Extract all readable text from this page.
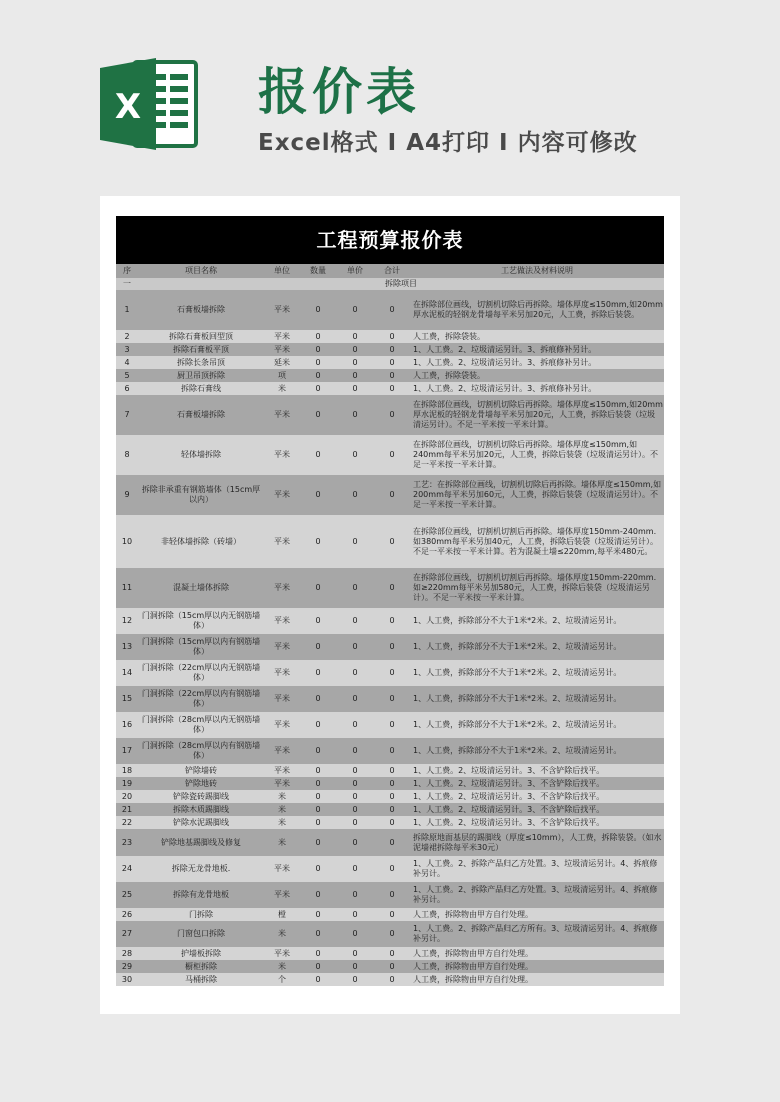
X 报价表
Excel格式 I A4打印 I 内容可修改
工程预算报价表
序	项目名称	单位	数量	单价	合计	工艺做法及材料说明
一	拆除项目					
1	石膏板墙拆除	平米	0	0	0	在拆除部位画线，切割机切除后再拆除。墙体厚度≤150mm,如20mm厚水泥板的轻钢龙骨墙每平米另加20元，人工费，拆除后装袋。
2	拆除石膏板回型顶	平米	0	0	0	人工费，拆除袋装。
3	拆除石膏板平顶	平米	0	0	0	1、人工费。2、垃圾清运另计。3、拆痕修补另计。
4	拆除长条吊顶	延米	0	0	0	1、人工费。2、垃圾清运另计。3、拆痕修补另计。
5	厨卫吊顶拆除	项	0	0	0	人工费，拆除袋装。
6	拆除石膏线	米	0	0	0	1、人工费。2、垃圾清运另计。3、拆痕修补另计。
7	石膏板墙拆除	平米	0	0	0	在拆除部位画线，切割机切除后再拆除。墙体厚度≤150mm,如20mm厚水泥板的轻钢龙骨墙每平米另加20元，人工费，拆除后装袋（垃圾清运另计）。不足一平米按一平米计算。
8	轻体墙拆除	平米	0	0	0	在拆除部位画线，切割机切除后再拆除。墙体厚度≤150mm,如240mm每平米另加20元，人工费，拆除后装袋（垃圾清运另计）。不足一平米按一平米计算。
9	拆除非承重有钢筋墙体（15cm厚以内）	平米	0	0	0	工艺：在拆除部位画线，切割机切除后再拆除。墙体厚度≤150mm,如200mm每平米另加60元，人工费，拆除后装袋（垃圾清运另计）。不足一平米按一平米计算。
10	非轻体墙拆除（砖墙）	平米	0	0	0	在拆除部位画线，切割机切割后再拆除。墙体厚度150mm-240mm.如380mm每平米另加40元，人工费，拆除后装袋（垃圾清运另计）。不足一平米按一平米计算。若为混凝土墙≤220mm,每平米480元。
11	混凝土墙体拆除	平米	0	0	0	在拆除部位画线，切割机切割后再拆除。墙体厚度150mm-220mm.如≥220mm每平米另加580元，人工费，拆除后装袋（垃圾清运另计）。不足一平米按一平米计算。
12	门洞拆除（15cm厚以内无钢筋墙体）	平米	0	0	0	1、人工费，拆除部分不大于1米*2米。2、垃圾清运另计。
13	门洞拆除（15cm厚以内有钢筋墙体）	平米	0	0	0	1、人工费，拆除部分不大于1米*2米。2、垃圾清运另计。
14	门洞拆除（22cm厚以内无钢筋墙体）	平米	0	0	0	1、人工费，拆除部分不大于1米*2米。2、垃圾清运另计。
15	门洞拆除（22cm厚以内有钢筋墙体）	平米	0	0	0	1、人工费，拆除部分不大于1米*2米。2、垃圾清运另计。
16	门洞拆除（28cm厚以内无钢筋墙体）	平米	0	0	0	1、人工费，拆除部分不大于1米*2米。2、垃圾清运另计。
17	门洞拆除（28cm厚以内有钢筋墙体）	平米	0	0	0	1、人工费，拆除部分不大于1米*2米。2、垃圾清运另计。
18	铲除墙砖	平米	0	0	0	1、人工费。2、垃圾清运另计。3、不含铲除后找平。
19	铲除地砖	平米	0	0	0	1、人工费。2、垃圾清运另计。3、不含铲除后找平。
20	铲除瓷砖踢脚线	米	0	0	0	1、人工费。2、垃圾清运另计。3、不含铲除后找平。
21	拆除木质踢脚线	米	0	0	0	1、人工费。2、垃圾清运另计。3、不含铲除后找平。
22	铲除水泥踢脚线	米	0	0	0	1、人工费。2、垃圾清运另计。3、不含铲除后找平。
23	铲除地基踢脚线及修复	米	0	0	0	拆除原地面基层的踢脚线（厚度≤10mm），人工费，拆除装袋。（如水泥墙裙拆除每平米30元）
24	拆除无龙骨地板.	平米	0	0	0	1、人工费。2、拆除产品归乙方处置。3、垃圾清运另计。4、拆痕修补另计。
25	拆除有龙骨地板	平米	0	0	0	1、人工费。2、拆除产品归乙方处置。3、垃圾清运另计。4、拆痕修补另计。
26	门拆除	樘	0	0	0	人工费，拆除物由甲方自行处理。
27	门窗包口拆除	米	0	0	0	1、人工费。2、拆除产品归乙方所有。3、垃圾清运另计。4、拆痕修补另计。
28	护墙板拆除	平米	0	0	0	人工费，拆除物由甲方自行处理。
29	橱柜拆除	米	0	0	0	人工费，拆除物由甲方自行处理。
30	马桶拆除	个	0	0	0	人工费，拆除物由甲方自行处理。
